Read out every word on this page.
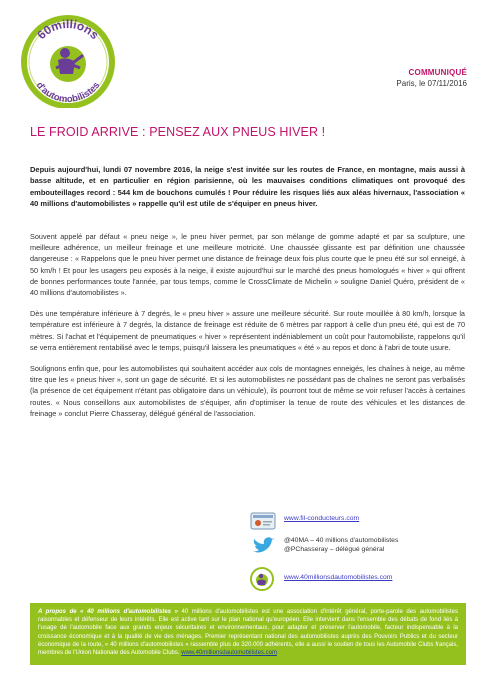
60millions
d'automobilistes
COMMUNIQUÉ
Paris, le 07/11/2016
LE FROID ARRIVE : PENSEZ AUX PNEUS HIVER !
Depuis aujourd'hui, lundi 07 novembre 2016, la neige s'est invitée sur les routes de France, en montagne, mais aussi à basse altitude, et en particulier en région parisienne, où les mauvaises conditions climatiques ont provoqué des embouteillages record : 544 km de bouchons cumulés ! Pour réduire les risques liés aux aléas hivernaux, l'association « 40 millions d'automobilistes » rappelle qu'il est utile de s'équiper en pneus hiver.

Souvent appelé par défaut « pneu neige », le pneu hiver permet, par son mélange de gomme adapté et par sa sculpture, une meilleure adhérence, un meilleur freinage et une meilleure motricité. Une chaussée glissante est par définition une chaussée dangereuse : « Rappelons que le pneu hiver permet une distance de freinage deux fois plus courte que le pneu été sur sol enneigé, à 50 km/h ! Et pour les usagers peu exposés à la neige, il existe aujourd'hui sur le marché des pneus homologués « hiver » qui offrent de bonnes performances toute l'année, par tous temps, comme le CrossClimate de Michelin » souligne Daniel Quéro, président de « 40 millions d'automobilistes ».

Dès une température inférieure à 7 degrés, le « pneu hiver » assure une meilleure sécurité. Sur route mouillée à 80 km/h, lorsque la température est inférieure à 7 degrés, la distance de freinage est réduite de 6 mètres par rapport à celle d'un pneu été, qui est de 70 mètres. Si l'achat et l'équipement de pneumatiques « hiver » représentent indéniablement un coût pour l'automobiliste, rappelons qu'il se verra entièrement rentabilisé avec le temps, puisqu'il laissera les pneumatiques « été » au repos et donc à l'abri de toute usure.

Soulignons enfin que, pour les automobilistes qui souhaitent accéder aux cols de montagnes enneigés, les chaînes à neige, au même titre que les « pneus hiver », sont un gage de sécurité. Et si les automobilistes ne possédant pas de chaînes ne seront pas verbalisés (la présence de cet équipement n'étant pas obligatoire dans un véhicule), ils pourront tout de même se voir refuser l'accès à certaines routes. « Nous conseillons aux automobilistes de s'équiper, afin d'optimiser la tenue de route des véhicules et les distances de freinage » conclut Pierre Chasseray, délégué général de l'association.

www.fil-conducteurs.com
@40MA – 40 millions d'automobilistes
@PChasseray – délégué général
www.40millionsdautomobilistes.com
A propos de « 40 millions d'automobilistes » 40 millions d'automobilistes est une association d'intérêt général, porte-parole des automobilistes raisonnables et défenseur de leurs intérêts. Elle est active tant sur le plan national qu'européen. Elle intervient dans l'ensemble des débats de fond liés à l'usage de l'automobile face aux grands enjeux sécuritaires et environnementaux, pour adapter et préserver l'automobile, facteur indispensable à la croissance économique et à la qualité de vie des ménages. Premier représentant national des automobilistes auprès des Pouvoirs Publics et du secteur économique de la route, « 40 millions d'automobilistes » rassemble plus de 320.000 adhérents, elle a aussi le soutien de tous les Automobile Clubs français, membres de l'Union Nationale des Automobile Clubs. www.40millionsdautomobilistes.com
